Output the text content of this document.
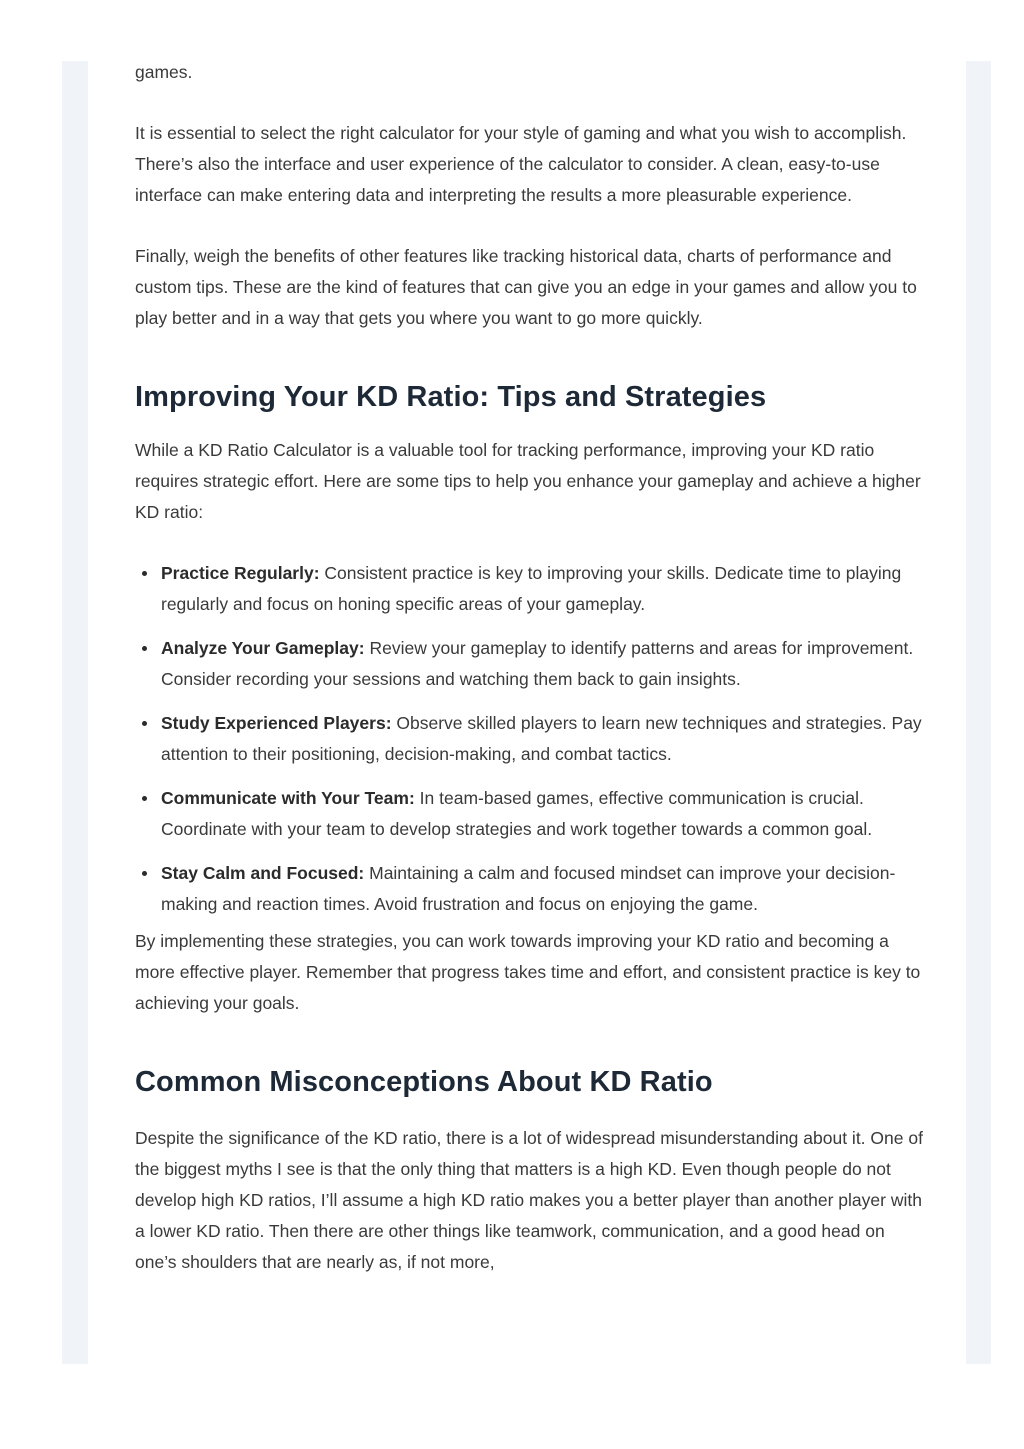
games.

It is essential to select the right calculator for your style of gaming and what you wish to accomplish. There’s also the interface and user experience of the calculator to consider. A clean, easy-to-use interface can make entering data and interpreting the results a more pleasurable experience.

Finally, weigh the benefits of other features like tracking historical data, charts of performance and custom tips. These are the kind of features that can give you an edge in your games and allow you to play better and in a way that gets you where you want to go more quickly.

Improving Your KD Ratio: Tips and Strategies

While a KD Ratio Calculator is a valuable tool for tracking performance, improving your KD ratio requires strategic effort. Here are some tips to help you enhance your gameplay and achieve a higher KD ratio:

Practice Regularly: Consistent practice is key to improving your skills. Dedicate time to playing regularly and focus on honing specific areas of your gameplay.
Analyze Your Gameplay: Review your gameplay to identify patterns and areas for improvement. Consider recording your sessions and watching them back to gain insights.
Study Experienced Players: Observe skilled players to learn new techniques and strategies. Pay attention to their positioning, decision-making, and combat tactics.
Communicate with Your Team: In team-based games, effective communication is crucial. Coordinate with your team to develop strategies and work together towards a common goal.
Stay Calm and Focused: Maintaining a calm and focused mindset can improve your decision-making and reaction times. Avoid frustration and focus on enjoying the game.

By implementing these strategies, you can work towards improving your KD ratio and becoming a more effective player. Remember that progress takes time and effort, and consistent practice is key to achieving your goals.

Common Misconceptions About KD Ratio

Despite the significance of the KD ratio, there is a lot of widespread misunderstanding about it. One of the biggest myths I see is that the only thing that matters is a high KD. Even though people do not develop high KD ratios, I’ll assume a high KD ratio makes you a better player than another player with a lower KD ratio. Then there are other things like teamwork, communication, and a good head on one’s shoulders that are nearly as, if not more,
